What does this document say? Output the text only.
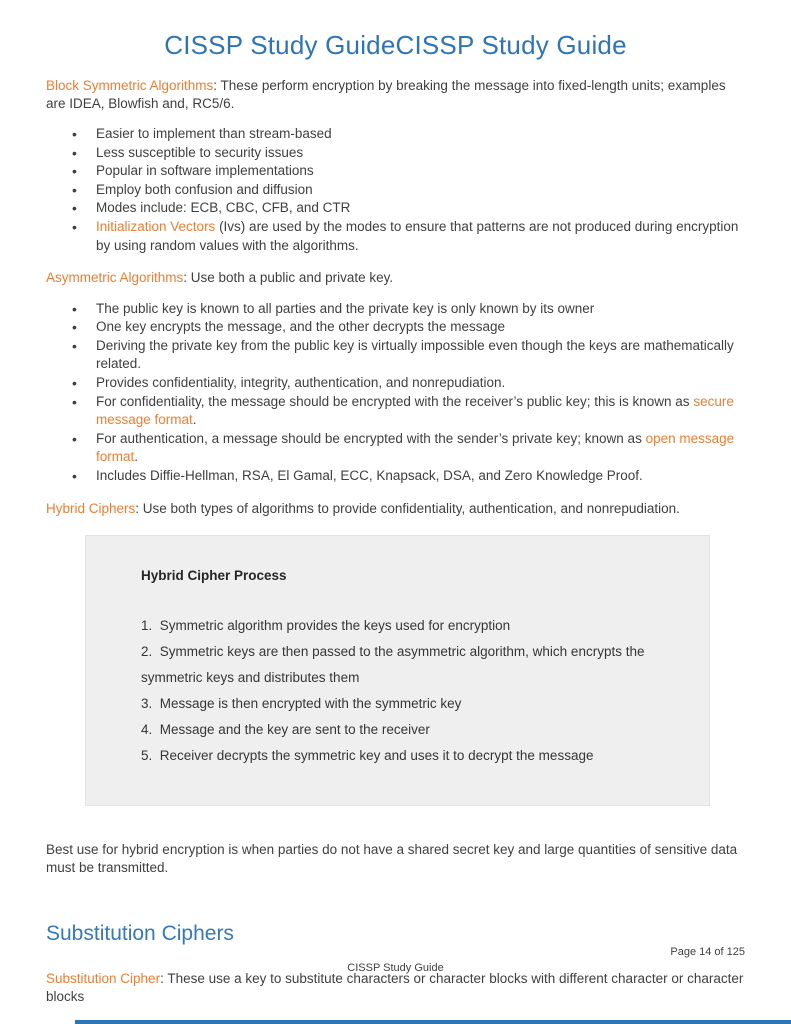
CISSP Study GuideCISSP Study Guide

Block Symmetric Algorithms: These perform encryption by breaking the message into fixed-length units; examples are IDEA, Blowfish and, RC5/6.

• Easier to implement than stream-based
• Less susceptible to security issues
• Popular in software implementations
• Employ both confusion and diffusion
• Modes include: ECB, CBC, CFB, and CTR
• Initialization Vectors (Ivs) are used by the modes to ensure that patterns are not produced during encryption by using random values with the algorithms.

Asymmetric Algorithms: Use both a public and private key.

• The public key is known to all parties and the private key is only known by its owner
• One key encrypts the message, and the other decrypts the message
• Deriving the private key from the public key is virtually impossible even though the keys are mathematically related.
• Provides confidentiality, integrity, authentication, and nonrepudiation.
• For confidentiality, the message should be encrypted with the receiver’s public key; this is known as secure message format.
• For authentication, a message should be encrypted with the sender’s private key; known as open message format.
• Includes Diffie-Hellman, RSA, El Gamal, ECC, Knapsack, DSA, and Zero Knowledge Proof.

Hybrid Ciphers: Use both types of algorithms to provide confidentiality, authentication, and nonrepudiation.

Hybrid Cipher Process
Symmetric algorithm provides the keys used for encryption
Symmetric keys are then passed to the asymmetric algorithm, which encrypts the symmetric keys and distributes them
Message is then encrypted with the symmetric key
Message and the key are sent to the receiver
Receiver decrypts the symmetric key and uses it to decrypt the message

Best use for hybrid encryption is when parties do not have a shared secret key and large quantities of sensitive data must be transmitted.

Substitution Ciphers

Substitution Cipher: These use a key to substitute characters or character blocks with different character or character blocks

Page 14 of 125
CISSP Study Guide
